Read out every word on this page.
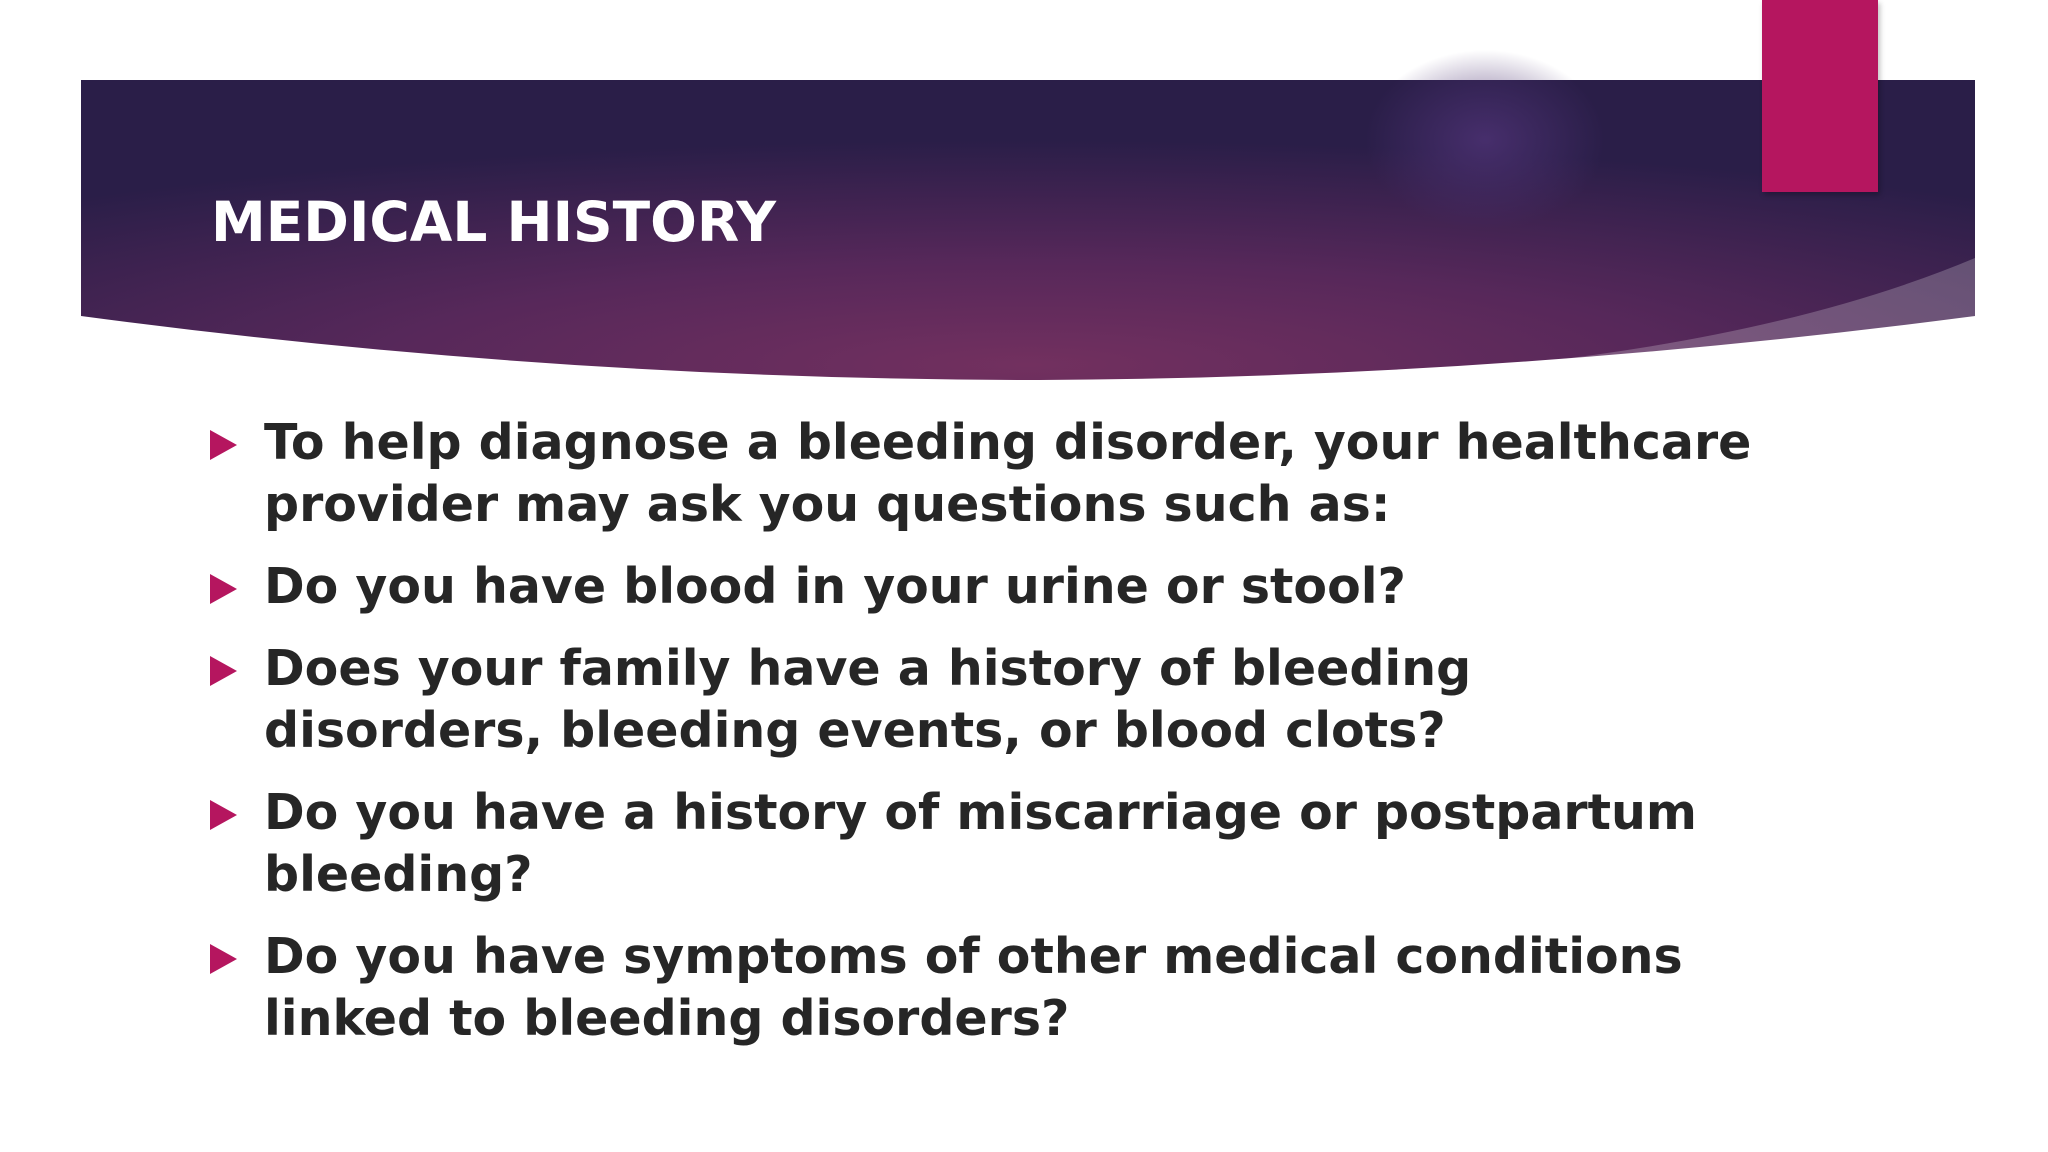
MEDICAL HISTORY
To help diagnose a bleeding disorder, your healthcare provider may ask you questions such as:
Do you have blood in your urine or stool?
Does your family have a history of bleeding disorders, bleeding events, or blood clots?
Do you have a history of miscarriage or postpartum bleeding?
Do you have symptoms of other medical conditions linked to bleeding disorders?
